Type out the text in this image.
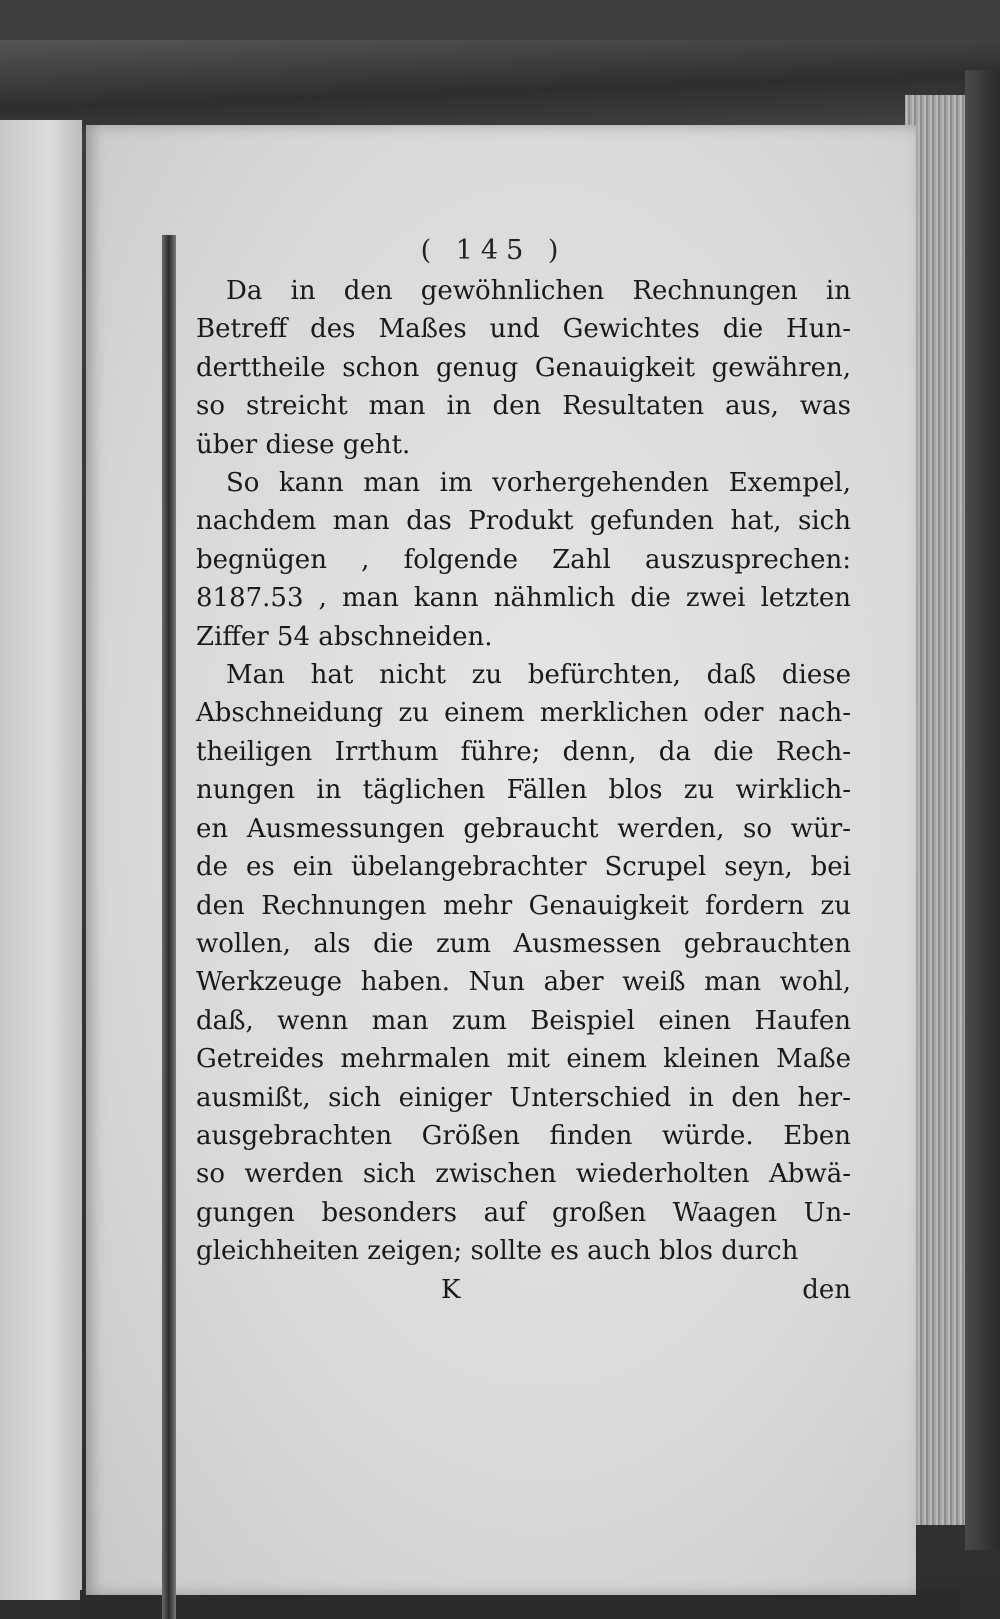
( 145 )

Da in den gewöhnlichen Rechnungen in
Betreff des Maßes und Gewichtes die Hun-
derttheile schon genug Genauigkeit gewähren,
so streicht man in den Resultaten aus, was
über diese geht.

So kann man im vorhergehenden Exempel,
nachdem man das Produkt gefunden hat, sich
begnügen , folgende Zahl auszusprechen:
8187.53 , man kann nähmlich die zwei letzten
Ziffer 54 abschneiden.

Man hat nicht zu befürchten, daß diese
Abschneidung zu einem merklichen oder nach-
theiligen Irrthum führe; denn, da die Rech-
nungen in täglichen Fällen blos zu wirklich-
en Ausmessungen gebraucht werden, so wür-
de es ein übelangebrachter Scrupel seyn, bei
den Rechnungen mehr Genauigkeit fordern zu
wollen, als die zum Ausmessen gebrauchten
Werkzeuge haben. Nun aber weiß man wohl,
daß, wenn man zum Beispiel einen Haufen
Getreides mehrmalen mit einem kleinen Maße
ausmißt, sich einiger Unterschied in den her-
ausgebrachten Größen finden würde. Eben
so werden sich zwischen wiederholten Abwä-
gungen besonders auf großen Waagen Un-
gleichheiten zeigen; sollte es auch blos durch

K	den
